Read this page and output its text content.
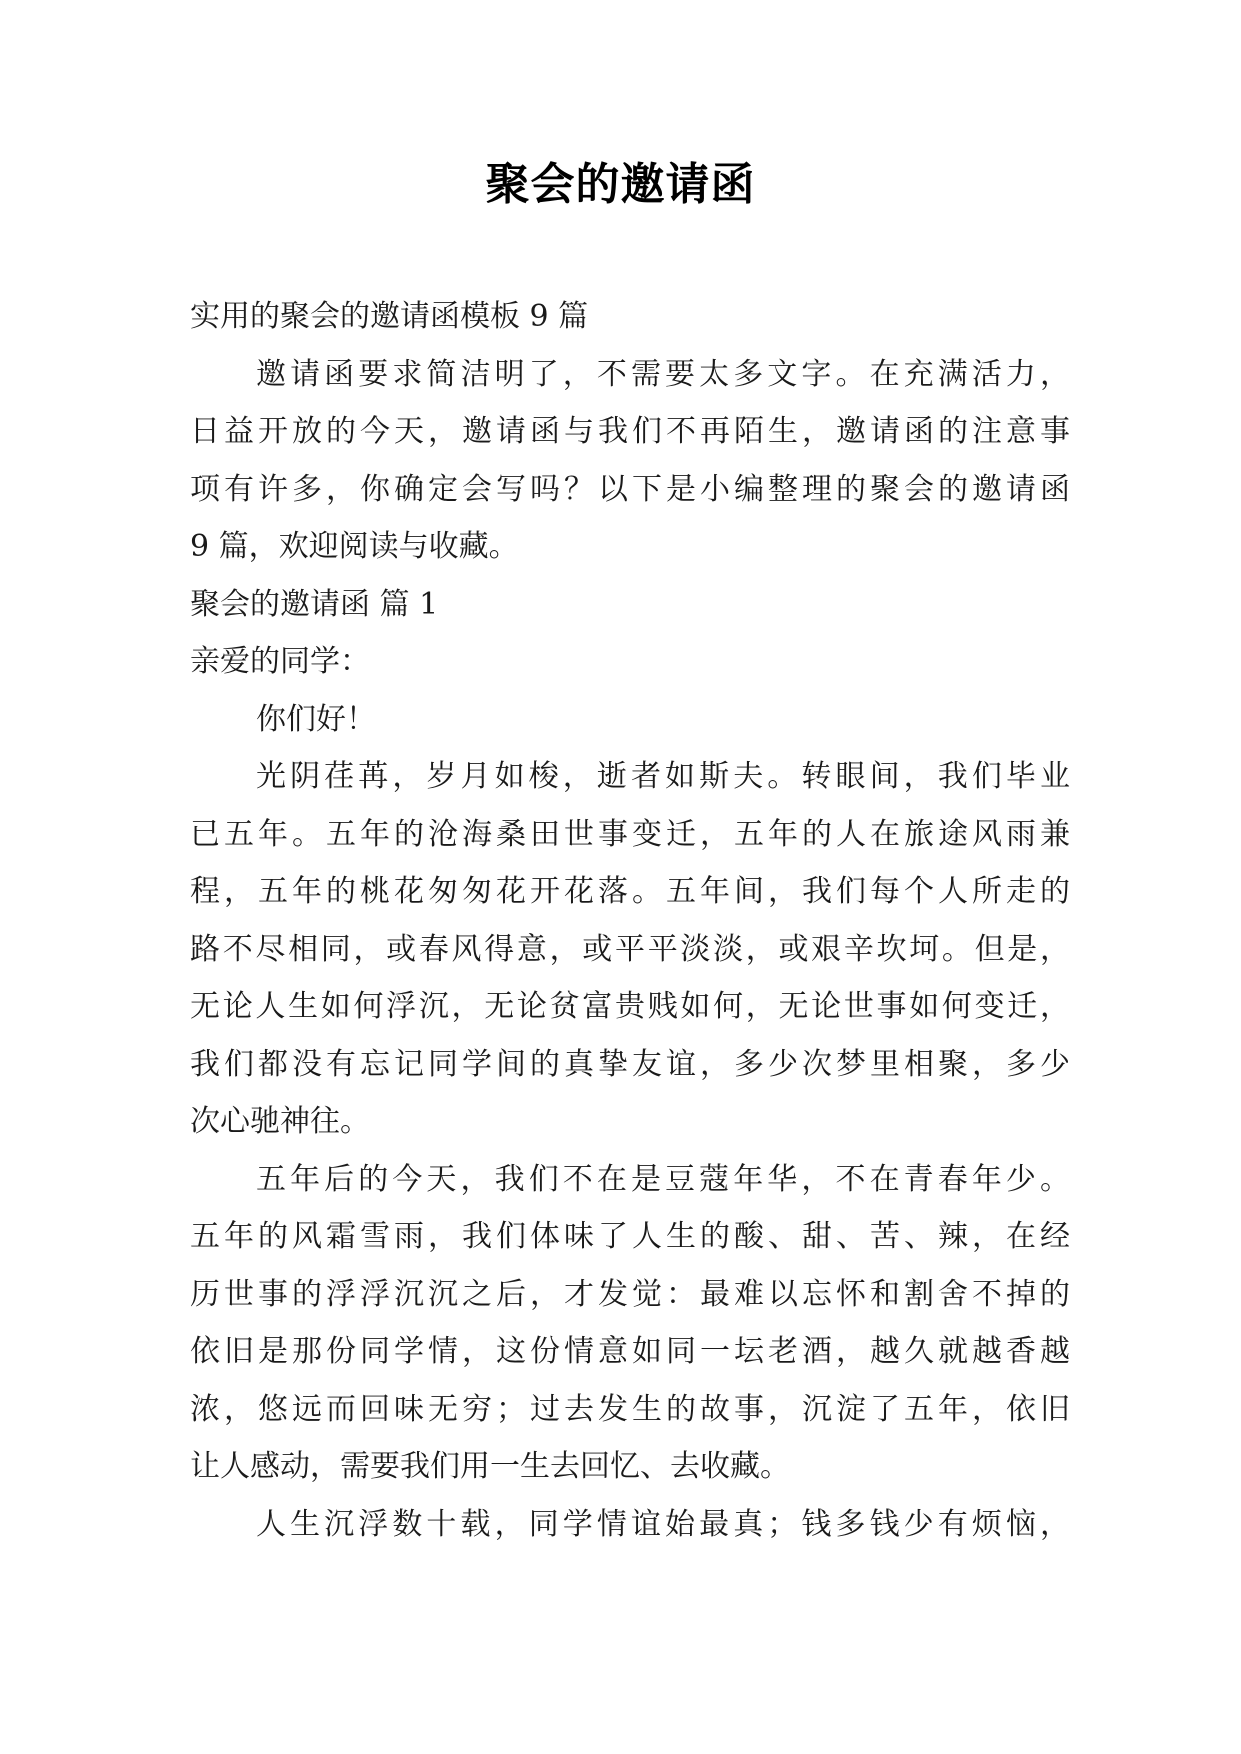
聚会的邀请函
实用的聚会的邀请函模板 9 篇
邀请函要求简洁明了，不需要太多文字。在充满活力，
日益开放的今天，邀请函与我们不再陌生，邀请函的注意事
项有许多，你确定会写吗？以下是小编整理的聚会的邀请函
9 篇，欢迎阅读与收藏。
聚会的邀请函 篇 1
亲爱的同学：
你们好！
光阴荏苒，岁月如梭，逝者如斯夫。转眼间，我们毕业
已五年。五年的沧海桑田世事变迁，五年的人在旅途风雨兼
程，五年的桃花匆匆花开花落。五年间，我们每个人所走的
路不尽相同，或春风得意，或平平淡淡，或艰辛坎坷。但是，
无论人生如何浮沉，无论贫富贵贱如何，无论世事如何变迁，
我们都没有忘记同学间的真挚友谊，多少次梦里相聚，多少
次心驰神往。
五年后的今天，我们不在是豆蔻年华，不在青春年少。
五年的风霜雪雨，我们体味了人生的酸、甜、苦、辣，在经
历世事的浮浮沉沉之后，才发觉：最难以忘怀和割舍不掉的
依旧是那份同学情，这份情意如同一坛老酒，越久就越香越
浓，悠远而回味无穷；过去发生的故事，沉淀了五年，依旧
让人感动，需要我们用一生去回忆、去收藏。
人生沉浮数十载，同学情谊始最真；钱多钱少有烦恼，
